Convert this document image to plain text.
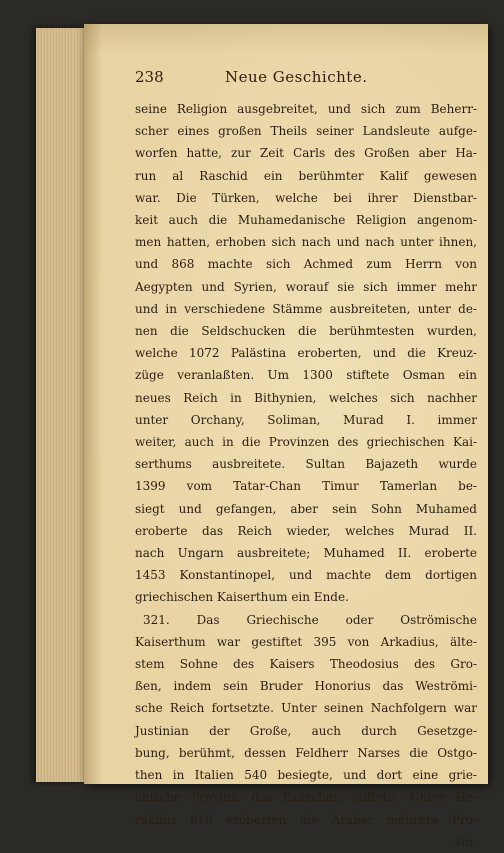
238	Neue Geschichte.
seine Religion ausgebreitet, und sich zum Beherr-
scher eines großen Theils seiner Landsleute aufge-
worfen hatte, zur Zeit Carls des Großen aber Ha-
run al Raschid ein berühmter Kalif gewesen
war. Die Türken, welche bei ihrer Dienstbar-
keit auch die Muhamedanische Religion angenom-
men hatten, erhoben sich nach und nach unter ihnen,
und 868 machte sich Achmed zum Herrn von
Aegypten und Syrien, worauf sie sich immer mehr
und in verschiedene Stämme ausbreiteten, unter de-
nen die Seldschucken die berühmtesten wurden,
welche 1072 Palästina eroberten, und die Kreuz-
züge veranlaßten. Um 1300 stiftete Osman ein
neues Reich in Bithynien, welches sich nachher
unter Orchany, Soliman, Murad I. immer
weiter, auch in die Provinzen des griechischen Kai-
serthums ausbreitete. Sultan Bajazeth wurde
1399 vom Tatar-Chan Timur Tamerlan be-
siegt und gefangen, aber sein Sohn Muhamed
eroberte das Reich wieder, welches Murad II.
nach Ungarn ausbreitete; Muhamed II. eroberte
1453 Konstantinopel, und machte dem dortigen
griechischen Kaiserthum ein Ende.
321. Das Griechische oder Oströmische
Kaiserthum war gestiftet 395 von Arkadius, älte-
stem Sohne des Kaisers Theodosius des Gro-
ßen, indem sein Bruder Honorius das Weströmi-
sche Reich fortsetzte. Unter seinen Nachfolgern war
Justinian der Große, auch durch Gesetzge-
bung, berühmt, dessen Feldherr Narses die Ostgo-
then in Italien 540 besiegte, und dort eine grie-
chische Provinz, das Exarchat, stiftete. Unter He-
raklius 610 eroberten die Araber mehrere Pro-
vin-
